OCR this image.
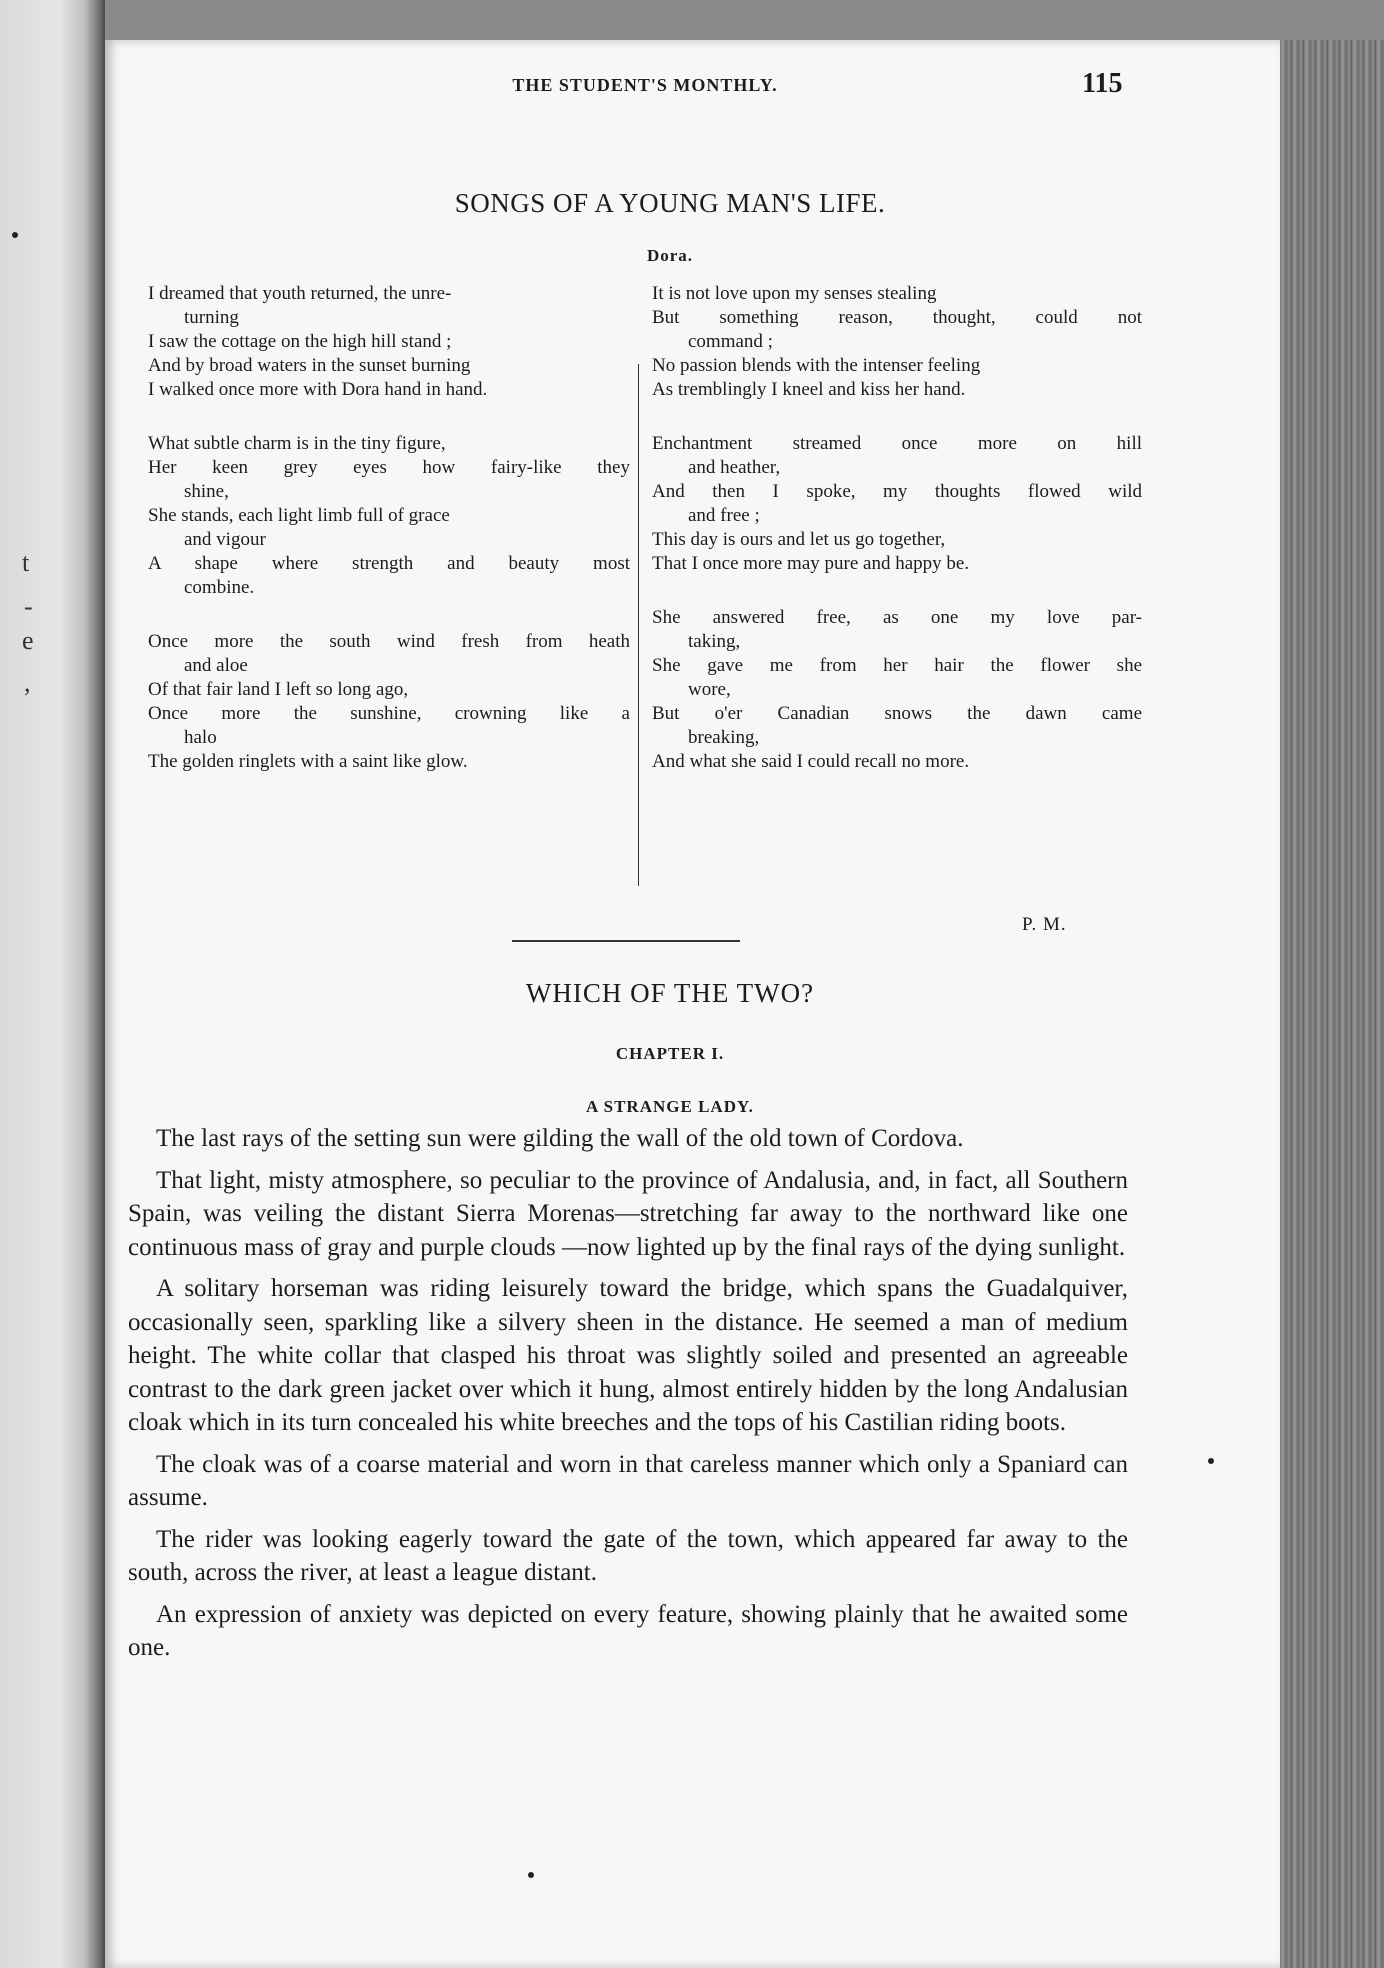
t
-
e
,
THE STUDENT'S MONTHLY.	115
SONGS OF A YOUNG MAN'S LIFE.
Dora.
I dreamed that youth returned, the unre-
turning
I saw the cottage on the high hill stand ;
And by broad waters in the sunset burning
I walked once more with Dora hand in hand.
What subtle charm is in the tiny figure,
Her keen grey eyes how fairy-like they
shine,
She stands, each light limb full of grace
and vigour
A shape where strength and beauty most
combine.
Once more the south wind fresh from heath
and aloe
Of that fair land I left so long ago,
Once more the sunshine, crowning like a
halo
The golden ringlets with a saint like glow.
It is not love upon my senses stealing
But something reason, thought, could not
command ;
No passion blends with the intenser feeling
As tremblingly I kneel and kiss her hand.
Enchantment streamed once more on hill
and heather,
And then I spoke, my thoughts flowed wild
and free ;
This day is ours and let us go together,
That I once more may pure and happy be.
She answered free, as one my love par-
taking,
She gave me from her hair the flower she
wore,
But o'er Canadian snows the dawn came
breaking,
And what she said I could recall no more.
P. M.
WHICH OF THE TWO?
CHAPTER I.
A STRANGE LADY.

The last rays of the setting sun were gilding the wall of the old town of Cordova.

That light, misty atmosphere, so peculiar to the province of Andalusia, and, in fact, all Southern Spain, was veiling the distant Sierra Morenas—stretching far away to the northward like one continuous mass of gray and purple clouds —now lighted up by the final rays of the dying sunlight.

A solitary horseman was riding leisurely toward the bridge, which spans the Guadalquiver, occasionally seen, sparkling like a silvery sheen in the distance. He seemed a man of medium height. The white collar that clasped his throat was slightly soiled and presented an agreeable contrast to the dark green jacket over which it hung, almost entirely hidden by the long Andalusian cloak which in its turn concealed his white breeches and the tops of his Castilian riding boots.

The cloak was of a coarse material and worn in that careless manner which only a Spaniard can assume.

The rider was looking eagerly toward the gate of the town, which appeared far away to the south, across the river, at least a league distant.

An expression of anxiety was depicted on every feature, showing plainly that he awaited some one.
